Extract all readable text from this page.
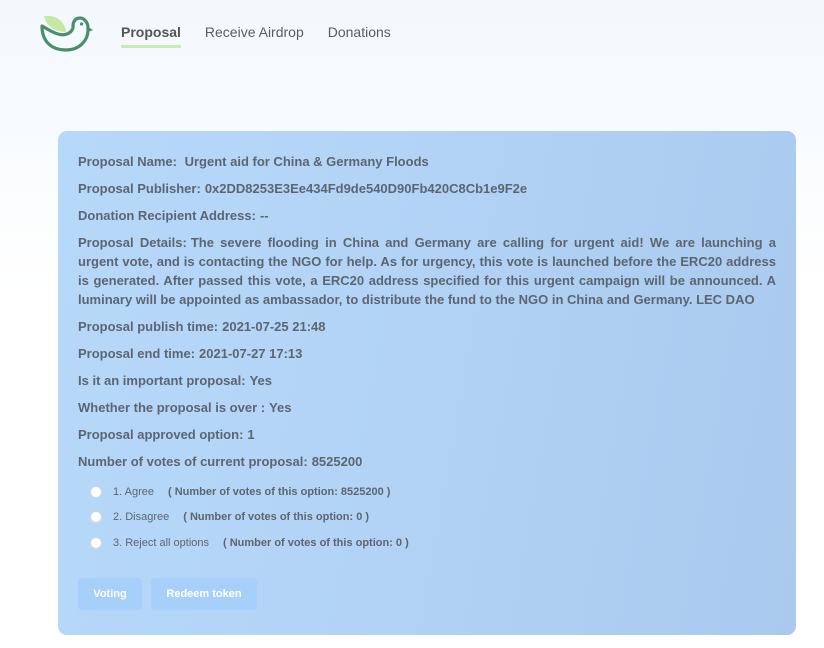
Proposal Receive Airdrop Donations
Proposal Name: Urgent aid for China & Germany Floods
Proposal Publisher: 0x2DD8253E3Ee434Fd9de540D90Fb420C8Cb1e9F2e
Donation Recipient Address: --
Proposal Details: The severe flooding in China and Germany are calling for urgent aid! We are launching a urgent vote, and is contacting the NGO for help. As for urgency, this vote is launched before the ERC20 address is generated. After passed this vote, a ERC20 address specified for this urgent campaign will be announced. A luminary will be appointed as ambassador, to distribute the fund to the NGO in China and Germany. LEC DAO
Proposal publish time: 2021-07-25 21:48
Proposal end time: 2021-07-27 17:13
Is it an important proposal: Yes
Whether the proposal is over : Yes
Proposal approved option: 1
Number of votes of current proposal: 8525200
1. Agree ( Number of votes of this option: 8525200 )
2. Disagree ( Number of votes of this option: 0 )
3. Reject all options ( Number of votes of this option: 0 )
Voting	Redeem token
